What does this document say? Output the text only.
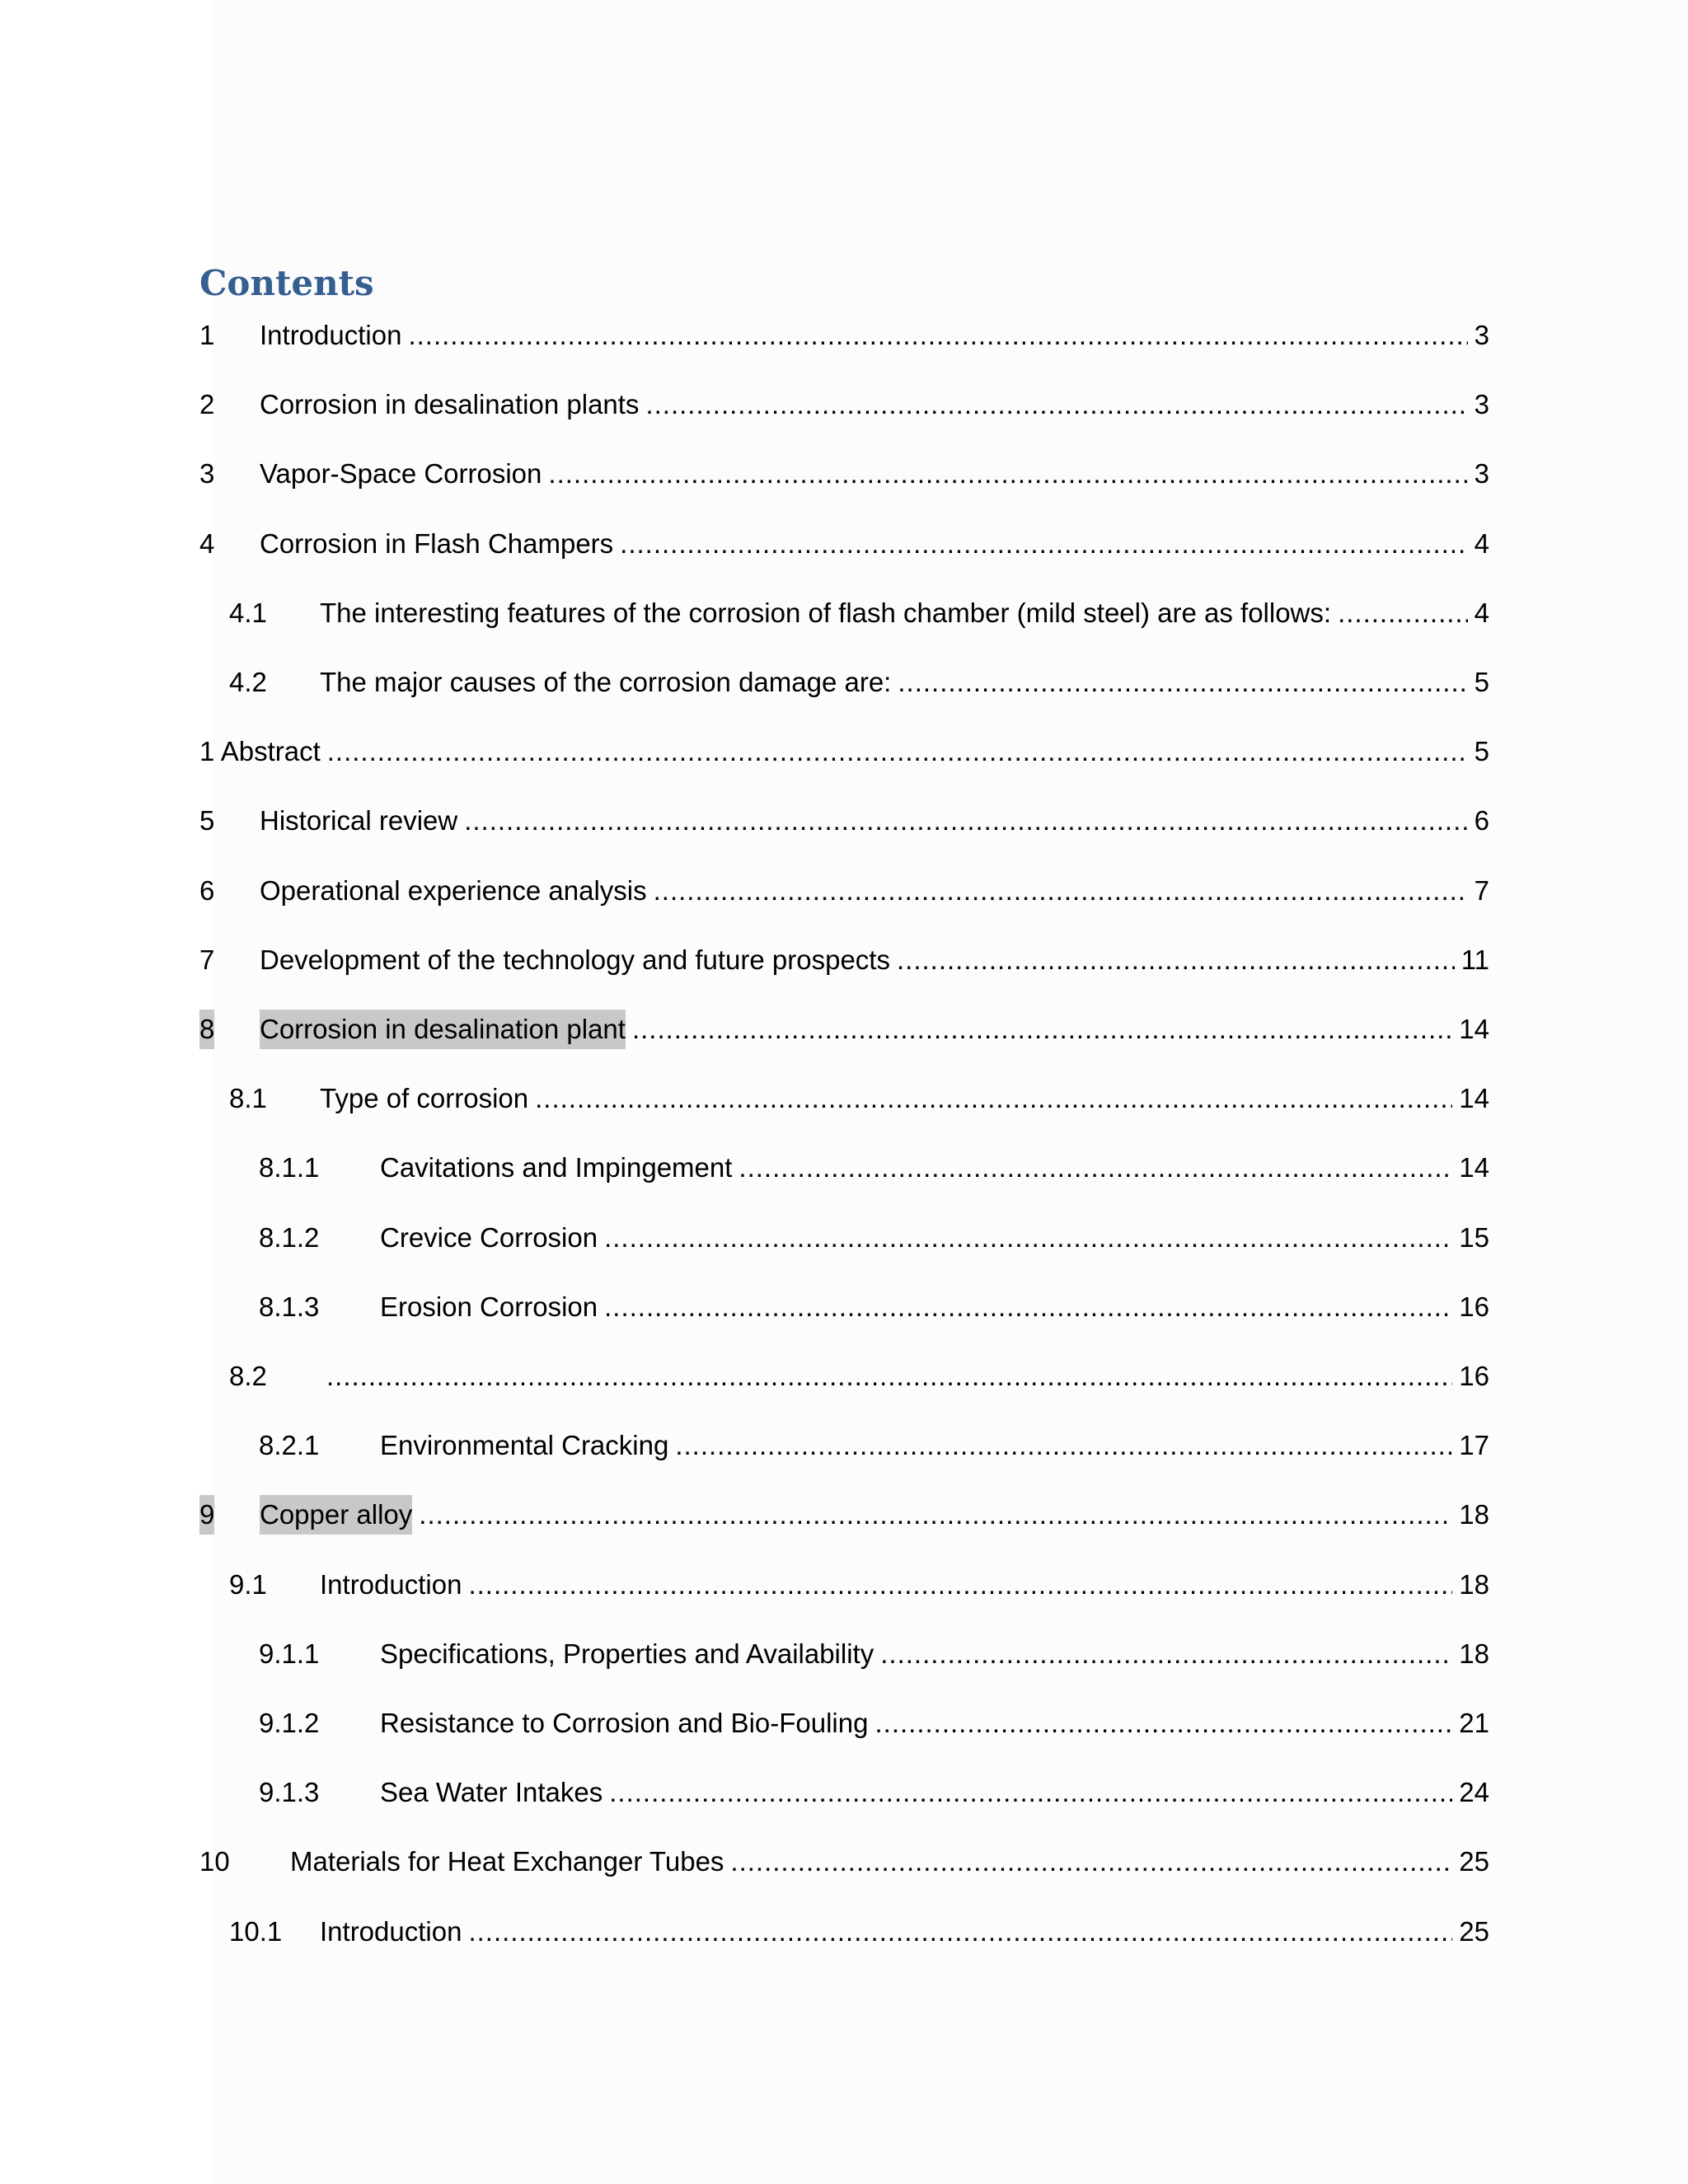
Contents
1 Introduction .....	3
2 Corrosion in desalination plants .....	3
3 Vapor-Space Corrosion .....	3
4 Corrosion in Flash Champers .....	4
4.1 The interesting features of the corrosion of flash chamber (mild steel) are as follows: .....	4
4.2 The major causes of the corrosion damage are: .....	5
1 Abstract .....	5
5 Historical review .....	6
6 Operational experience analysis .....	7
7 Development of the technology and future prospects .....	11
8 Corrosion in desalination plant .....	14
8.1 Type of corrosion .....	14
8.1.1 Cavitations and Impingement .....	14
8.1.2 Crevice Corrosion .....	15
8.1.3 Erosion Corrosion .....	16
8.2 .....	16
8.2.1 Environmental Cracking .....	17
9 Copper alloy .....	18
9.1 Introduction .....	18
9.1.1 Specifications, Properties and Availability .....	18
9.1.2 Resistance to Corrosion and Bio-Fouling .....	21
9.1.3 Sea Water Intakes .....	24
10 Materials for Heat Exchanger Tubes .....	25
10.1 Introduction .....	25
